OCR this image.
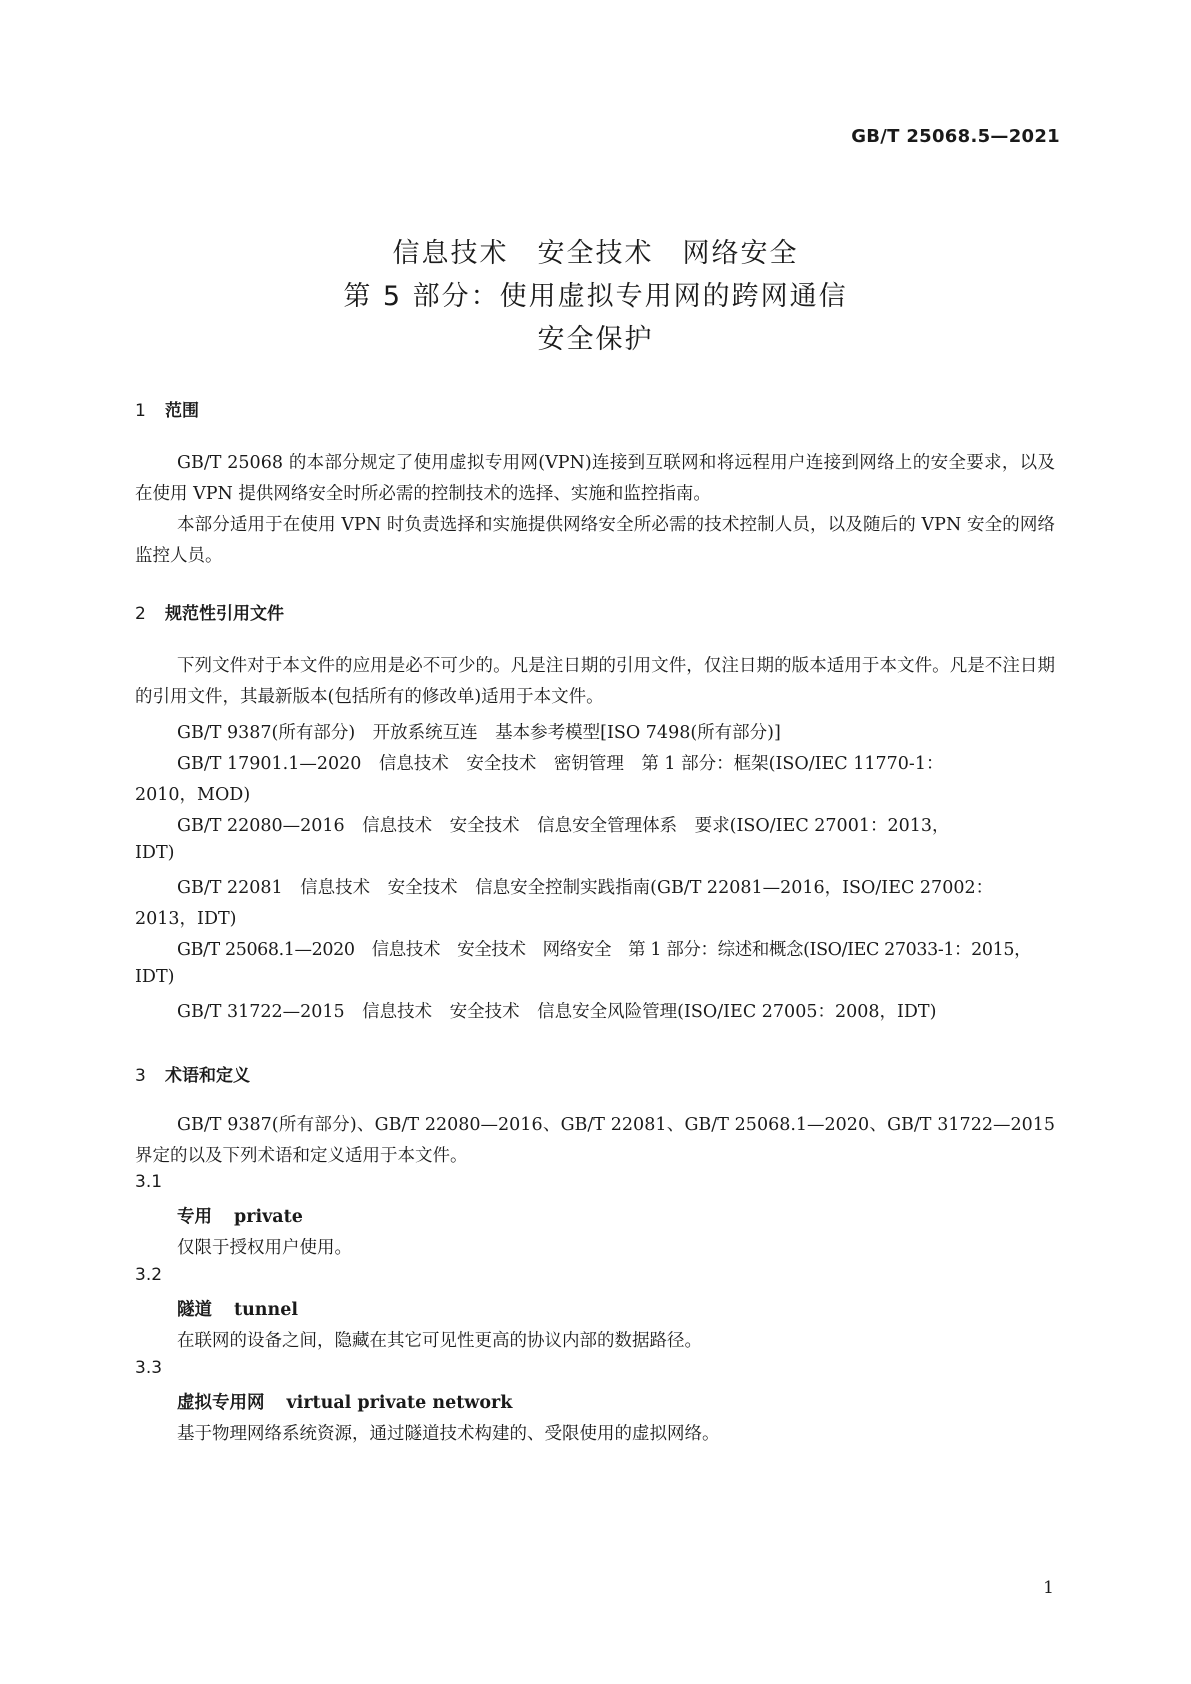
GB/T 25068.5—2021
信息技术　安全技术　网络安全
第 5 部分：使用虚拟专用网的跨网通信
安全保护
1 范围
GB/T 25068 的本部分规定了使用虚拟专用网(VPN)连接到互联网和将远程用户连接到网络上的安全要求，以及在使用 VPN 提供网络安全时所必需的控制技术的选择、实施和监控指南。
本部分适用于在使用 VPN 时负责选择和实施提供网络安全所必需的技术控制人员，以及随后的 VPN 安全的网络监控人员。
2 规范性引用文件
下列文件对于本文件的应用是必不可少的。凡是注日期的引用文件，仅注日期的版本适用于本文件。凡是不注日期的引用文件，其最新版本(包括所有的修改单)适用于本文件。
GB/T 9387(所有部分)　开放系统互连　基本参考模型[ISO 7498(所有部分)]
GB/T 17901.1—2020　信息技术　安全技术　密钥管理　第 1 部分：框架(ISO/IEC 11770-1：
2010，MOD)
GB/T 22080—2016　信息技术　安全技术　信息安全管理体系　要求(ISO/IEC 27001：2013，
IDT)
GB/T 22081　信息技术　安全技术　信息安全控制实践指南(GB/T 22081—2016，ISO/IEC 27002：
2013，IDT)
GB/T 25068.1—2020　信息技术　安全技术　网络安全　第 1 部分：综述和概念(ISO/IEC 27033-1：2015，
IDT)
GB/T 31722—2015　信息技术　安全技术　信息安全风险管理(ISO/IEC 27005：2008，IDT)
3 术语和定义
GB/T 9387(所有部分)、GB/T 22080—2016、GB/T 22081、GB/T 25068.1—2020、GB/T 31722—2015 界定的以及下列术语和定义适用于本文件。
3.1
专用 private
仅限于授权用户使用。
3.2
隧道 tunnel
在联网的设备之间，隐藏在其它可见性更高的协议内部的数据路径。
3.3
虚拟专用网 virtual private network
基于物理网络系统资源，通过隧道技术构建的、受限使用的虚拟网络。
1
